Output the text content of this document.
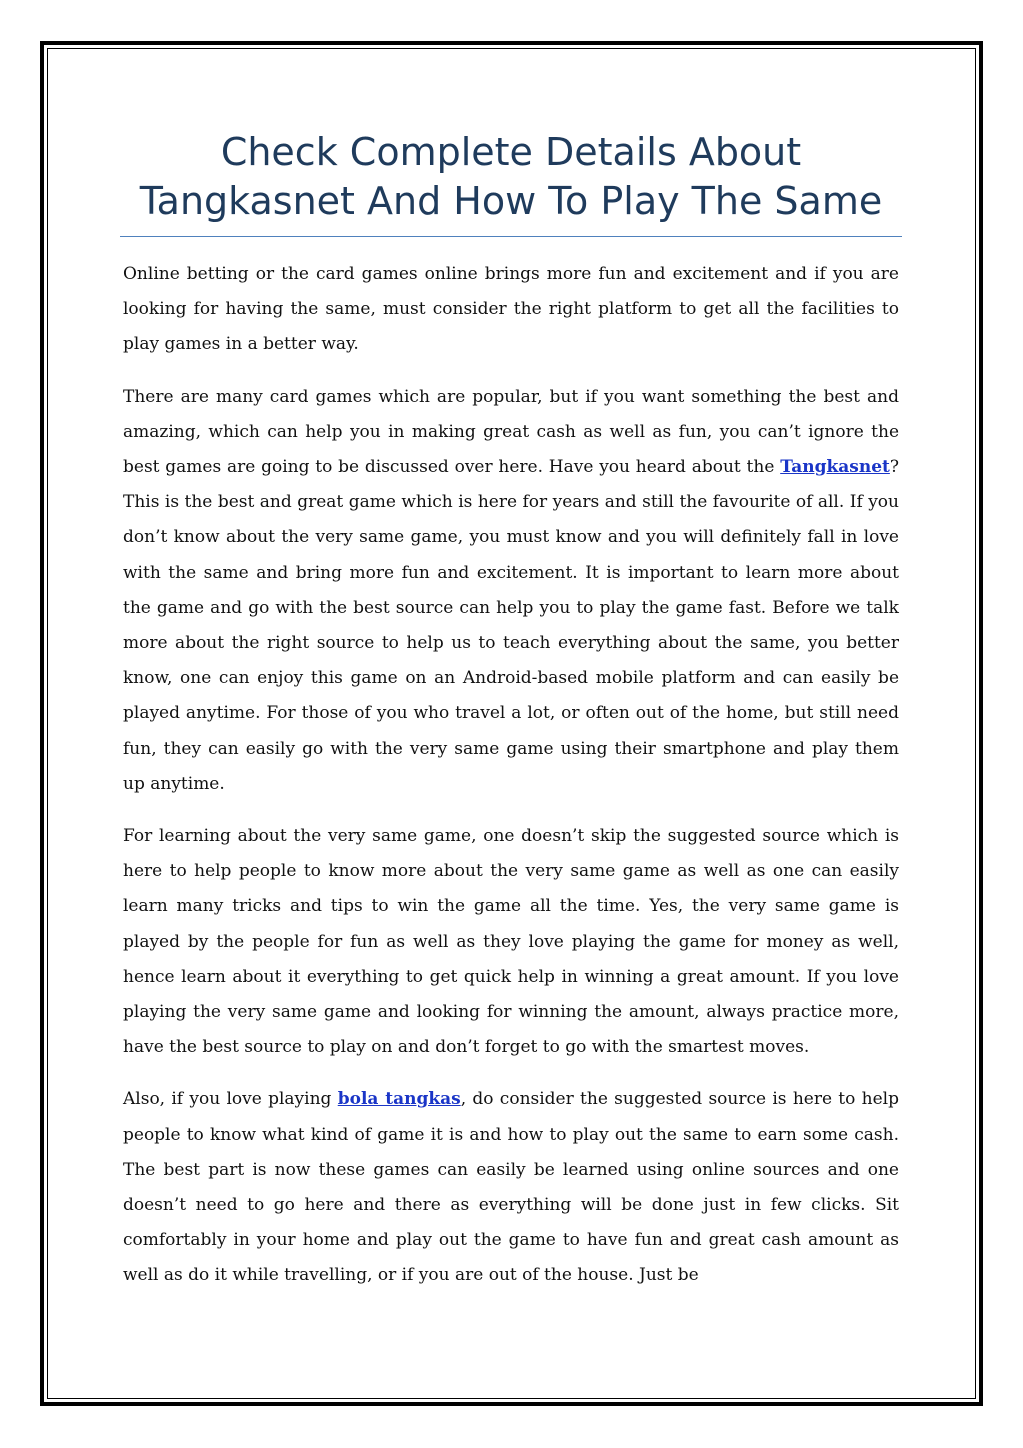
Check Complete Details About
Tangkasnet And How To Play The Same

Online betting or the card games online brings more fun and excitement and if you are looking for having the same, must consider the right platform to get all the facilities to play games in a better way.

There are many card games which are popular, but if you want something the best and amazing, which can help you in making great cash as well as fun, you can’t ignore the best games are going to be discussed over here. Have you heard about the Tangkasnet? This is the best and great game which is here for years and still the favourite of all. If you don’t know about the very same game, you must know and you will definitely fall in love with the same and bring more fun and excitement. It is important to learn more about the game and go with the best source can help you to play the game fast. Before we talk more about the right source to help us to teach everything about the same, you better know, one can enjoy this game on an Android-based mobile platform and can easily be played anytime. For those of you who travel a lot, or often out of the home, but still need fun, they can easily go with the very same game using their smartphone and play them up anytime.

For learning about the very same game, one doesn’t skip the suggested source which is here to help people to know more about the very same game as well as one can easily learn many tricks and tips to win the game all the time. Yes, the very same game is played by the people for fun as well as they love playing the game for money as well, hence learn about it everything to get quick help in winning a great amount. If you love playing the very same game and looking for winning the amount, always practice more, have the best source to play on and don’t forget to go with the smartest moves.

Also, if you love playing bola tangkas, do consider the suggested source is here to help people to know what kind of game it is and how to play out the same to earn some cash. The best part is now these games can easily be learned using online sources and one doesn’t need to go here and there as everything will be done just in few clicks. Sit comfortably in your home and play out the game to have fun and great cash amount as well as do it while travelling, or if you are out of the house. Just be
